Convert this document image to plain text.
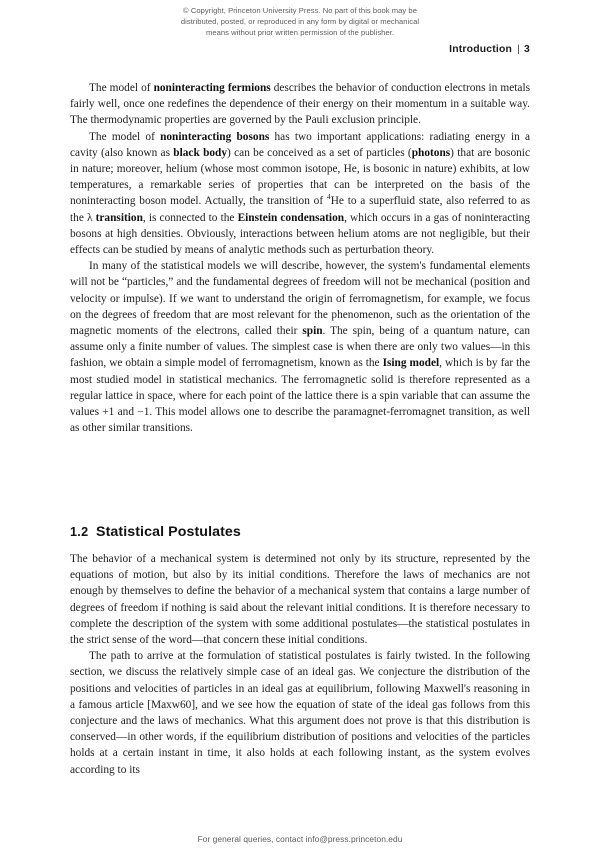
© Copyright, Princeton University Press. No part of this book may be
distributed, posted, or reproduced in any form by digital or mechanical
means without prior written permission of the publisher.
Introduction | 3

The model of noninteracting fermions describes the behavior of conduction electrons in metals fairly well, once one redefines the dependence of their energy on their momentum in a suitable way. The thermodynamic properties are governed by the Pauli exclusion principle.

The model of noninteracting bosons has two important applications: radiating energy in a cavity (also known as black body) can be conceived as a set of particles (photons) that are bosonic in nature; moreover, helium (whose most common isotope, He, is bosonic in nature) exhibits, at low temperatures, a remarkable series of properties that can be interpreted on the basis of the noninteracting boson model. Actually, the transition of $^4$He to a superfluid state, also referred to as the λ transition, is connected to the Einstein condensation, which occurs in a gas of noninteracting bosons at high densities. Obviously, interactions between helium atoms are not negligible, but their effects can be studied by means of analytic methods such as perturbation theory.

In many of the statistical models we will describe, however, the system's fundamental elements will not be “particles,” and the fundamental degrees of freedom will not be mechanical (position and velocity or impulse). If we want to understand the origin of ferromagnetism, for example, we focus on the degrees of freedom that are most relevant for the phenomenon, such as the orientation of the magnetic moments of the electrons, called their spin. The spin, being of a quantum nature, can assume only a finite number of values. The simplest case is when there are only two values—in this fashion, we obtain a simple model of ferromagnetism, known as the Ising model, which is by far the most studied model in statistical mechanics. The ferromagnetic solid is therefore represented as a regular lattice in space, where for each point of the lattice there is a spin variable that can assume the values +1 and −1. This model allows one to describe the paramagnet-ferromagnet transition, as well as other similar transitions.

1.2 Statistical Postulates

The behavior of a mechanical system is determined not only by its structure, represented by the equations of motion, but also by its initial conditions. Therefore the laws of mechanics are not enough by themselves to define the behavior of a mechanical system that contains a large number of degrees of freedom if nothing is said about the relevant initial conditions. It is therefore necessary to complete the description of the system with some additional postulates—the statistical postulates in the strict sense of the word—that concern these initial conditions.

The path to arrive at the formulation of statistical postulates is fairly twisted. In the following section, we discuss the relatively simple case of an ideal gas. We conjecture the distribution of the positions and velocities of particles in an ideal gas at equilibrium, following Maxwell's reasoning in a famous article [Maxw60], and we see how the equation of state of the ideal gas follows from this conjecture and the laws of mechanics. What this argument does not prove is that this distribution is conserved—in other words, if the equilibrium distribution of positions and velocities of the particles holds at a certain instant in time, it also holds at each following instant, as the system evolves according to its

For general queries, contact info@press.princeton.edu
